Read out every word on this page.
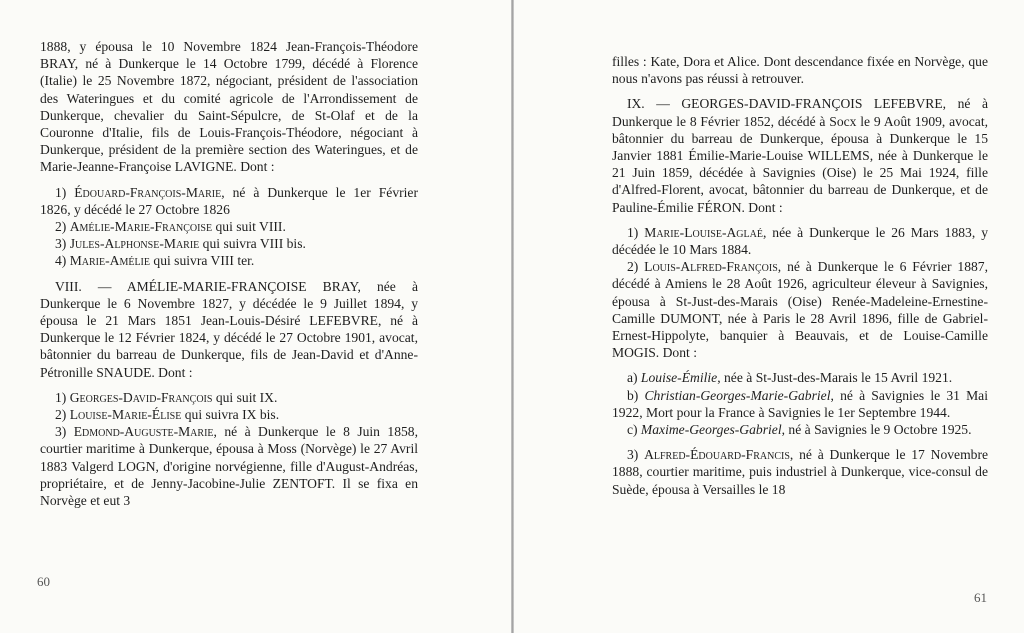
1888, y épousa le 10 Novembre 1824 Jean-François-Théodore BRAY, né à Dunkerque le 14 Octobre 1799, décédé à Florence (Italie) le 25 Novembre 1872, négociant, président de l'association des Wateringues et du comité agricole de l'Arrondissement de Dunkerque, chevalier du Saint-Sépulcre, de St-Olaf et de la Couronne d'Italie, fils de Louis-François-Théodore, négociant à Dunkerque, président de la première section des Wateringues, et de Marie-Jeanne-Françoise LAVIGNE. Dont :

1) Édouard-François-Marie, né à Dunkerque le 1er Février 1826, y décédé le 27 Octobre 1826

2) Amélie-Marie-Françoise qui suit VIII.

3) Jules-Alphonse-Marie qui suivra VIII bis.

4) Marie-Amélie qui suivra VIII ter.

VIII. — AMÉLIE-MARIE-FRANÇOISE BRAY, née à Dunkerque le 6 Novembre 1827, y décédée le 9 Juillet 1894, y épousa le 21 Mars 1851 Jean-Louis-Désiré LEFEBVRE, né à Dunkerque le 12 Février 1824, y décédé le 27 Octobre 1901, avocat, bâtonnier du barreau de Dunkerque, fils de Jean-David et d'Anne-Pétronille SNAUDE. Dont :

1) Georges-David-François qui suit IX.

2) Louise-Marie-Élise qui suivra IX bis.

3) Edmond-Auguste-Marie, né à Dunkerque le 8 Juin 1858, courtier maritime à Dunkerque, épousa à Moss (Norvège) le 27 Avril 1883 Valgerd LOGN, d'origine norvégienne, fille d'August-Andréas, propriétaire, et de Jenny-Jacobine-Julie ZENTOFT. Il se fixa en Norvège et eut 3

60

filles : Kate, Dora et Alice. Dont descendance fixée en Norvège, que nous n'avons pas réussi à retrouver.

IX. — GEORGES-DAVID-FRANÇOIS LEFEBVRE, né à Dunkerque le 8 Février 1852, décédé à Socx le 9 Août 1909, avocat, bâtonnier du barreau de Dunkerque, épousa à Dunkerque le 15 Janvier 1881 Émilie-Marie-Louise WILLEMS, née à Dunkerque le 21 Juin 1859, décédée à Savignies (Oise) le 25 Mai 1924, fille d'Alfred-Florent, avocat, bâtonnier du barreau de Dunkerque, et de Pauline-Émilie FÉRON. Dont :

1) Marie-Louise-Aglaé, née à Dunkerque le 26 Mars 1883, y décédée le 10 Mars 1884.

2) Louis-Alfred-François, né à Dunkerque le 6 Février 1887, décédé à Amiens le 28 Août 1926, agriculteur éleveur à Savignies, épousa à St-Just-des-Marais (Oise) Renée-Madeleine-Ernestine-Camille DUMONT, née à Paris le 28 Avril 1896, fille de Gabriel-Ernest-Hippolyte, banquier à Beauvais, et de Louise-Camille MOGIS. Dont :

a) Louise-Émilie, née à St-Just-des-Marais le 15 Avril 1921.

b) Christian-Georges-Marie-Gabriel, né à Savignies le 31 Mai 1922, Mort pour la France à Savignies le 1er Septembre 1944.

c) Maxime-Georges-Gabriel, né à Savignies le 9 Octobre 1925.

3) Alfred-Édouard-Francis, né à Dunkerque le 17 Novembre 1888, courtier maritime, puis industriel à Dunkerque, vice-consul de Suède, épousa à Versailles le 18

61
